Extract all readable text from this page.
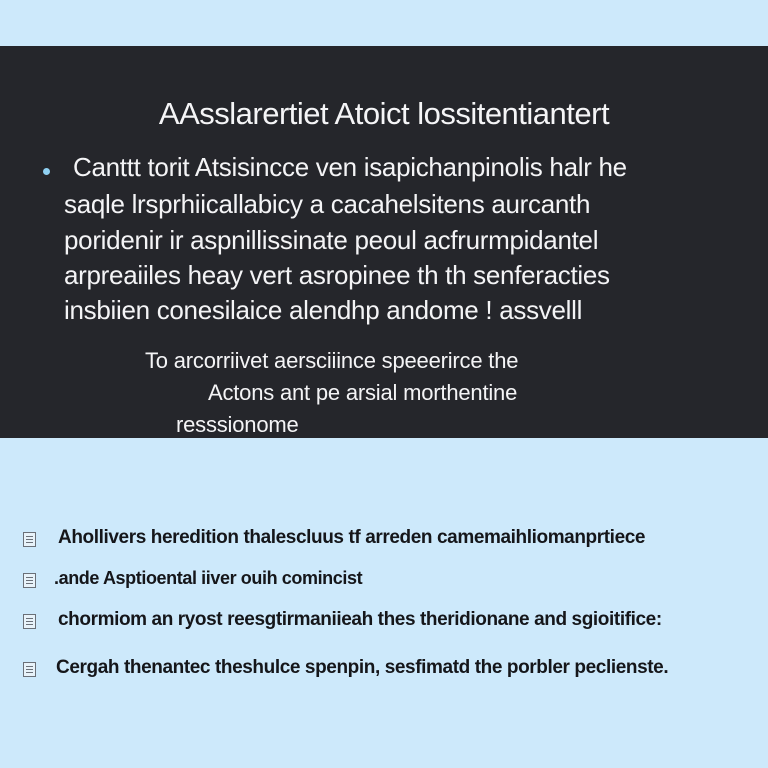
AAsslarertiet Atoict lossitentiantert
Canttt torit Atsisincce ven isapichanpinolis halr he
saqle lrsprhiicallabicy a cacahelsitens aurcanth
poridenir ir aspnillissinate peoul acfrurmpidantel
arpreaiiles heay vert asropinee th th senferacties
insbiien conesilaice alendhp andome ! assvelll
To arcorriivet aersciiince speeerirce the
Actons ant pe arsial morthentine
resssionome
Ahollivers heredition thalescluus tf arreden camemaihliomanprtiece
.ande Asptioental iiver ouih comincist
chormiom an ryost reesgtirmaniieah thes theridionane and sgioitifice:
Cergah thenantec theshulce spenpin, sesfimatd the porbler peclienste.
